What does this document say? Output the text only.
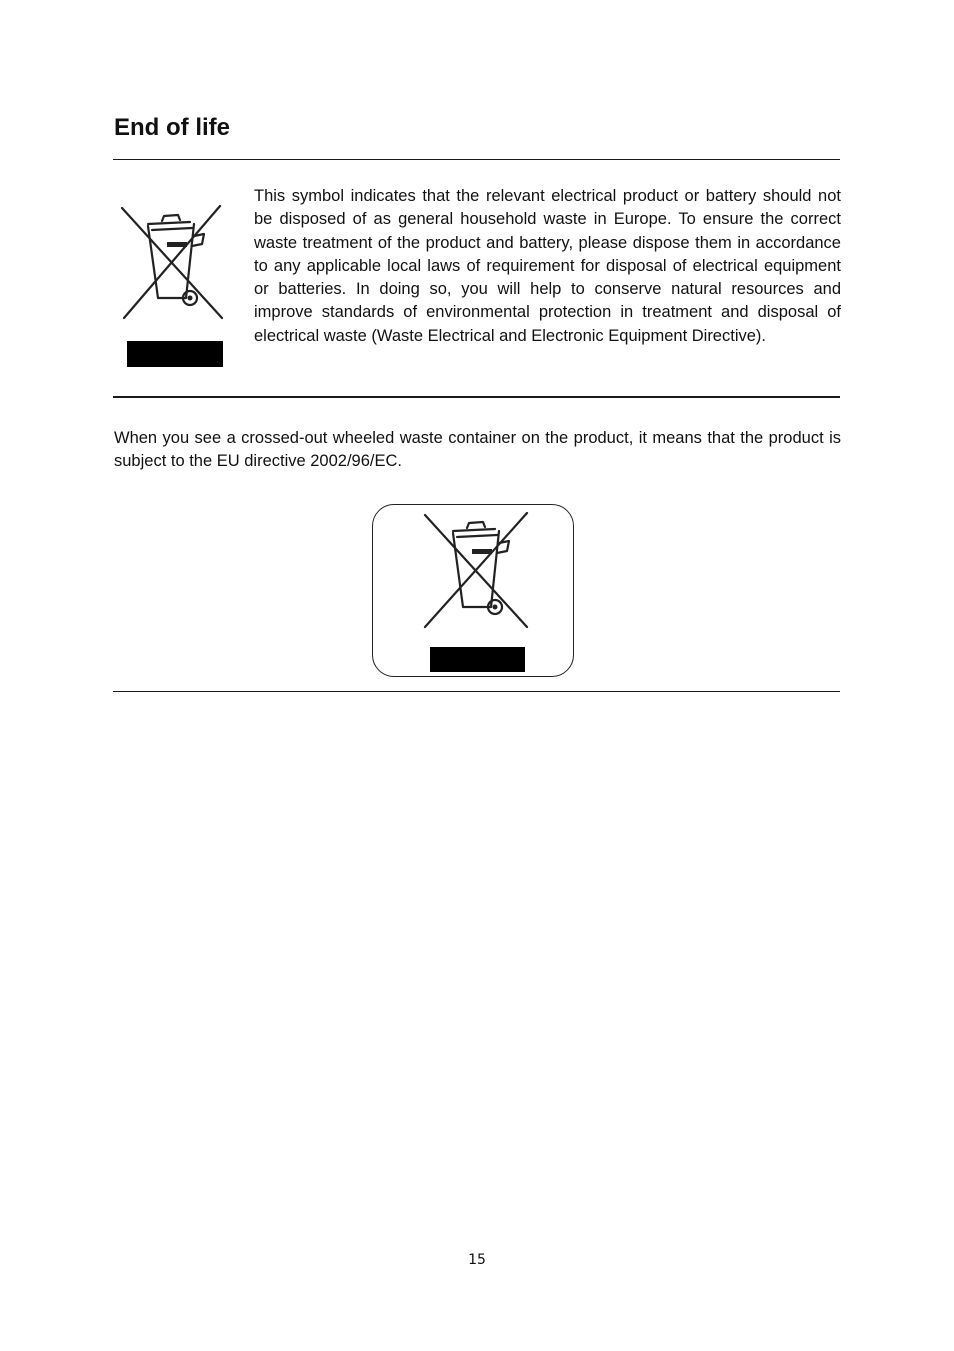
End of life

This symbol indicates that the relevant electrical product or battery should not be disposed of as general household waste in Europe. To ensure the correct waste treatment of the product and battery, please dispose them in accordance to any applicable local laws of requirement for disposal of electrical equipment or batteries. In doing so, you will help to conserve natural resources and improve standards of environmental protection in treatment and disposal of electrical waste (Waste Electrical and Electronic Equipment Directive).

When you see a crossed-out wheeled waste container on the product, it means that the product is subject to the EU directive 2002/96/EC.

15
